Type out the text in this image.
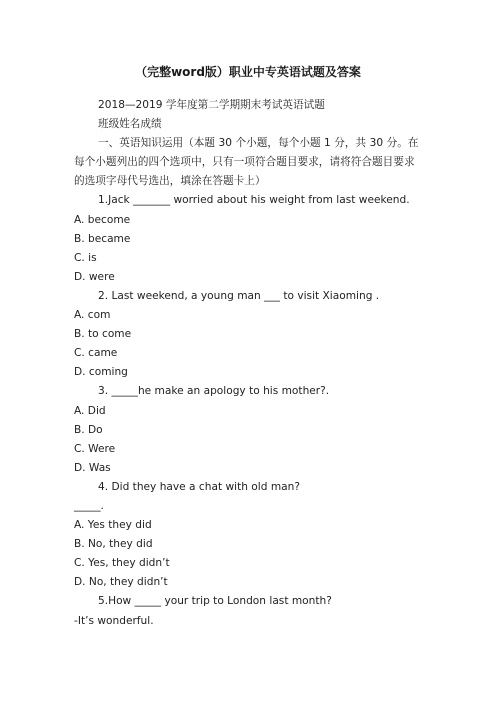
（完整word版）职业中专英语试题及答案
2018—2019 学年度第二学期期末考试英语试题
班级姓名成绩
一、英语知识运用（本题 30 个小题，每个小题 1 分，共 30 分。在每个小题列出的四个选项中，只有一项符合题目要求，请将符合题目要求的选项字母代号选出，填涂在答题卡上）
1.Jack _______ worried about his weight from last weekend.
A. become
B. became
C. is
D. were
2. Last weekend, a young man ___ to visit Xiaoming .
A. com
B. to come
C. came
D. coming
3. _____he make an apology to his mother?.
A. Did
B. Do
C. Were
D. Was
4. Did they have a chat with old man?
_____.
A. Yes they did
B. No, they did
C. Yes, they didn’t
D. No, they didn’t
5.How _____ your trip to London last month?
-It’s wonderful.
